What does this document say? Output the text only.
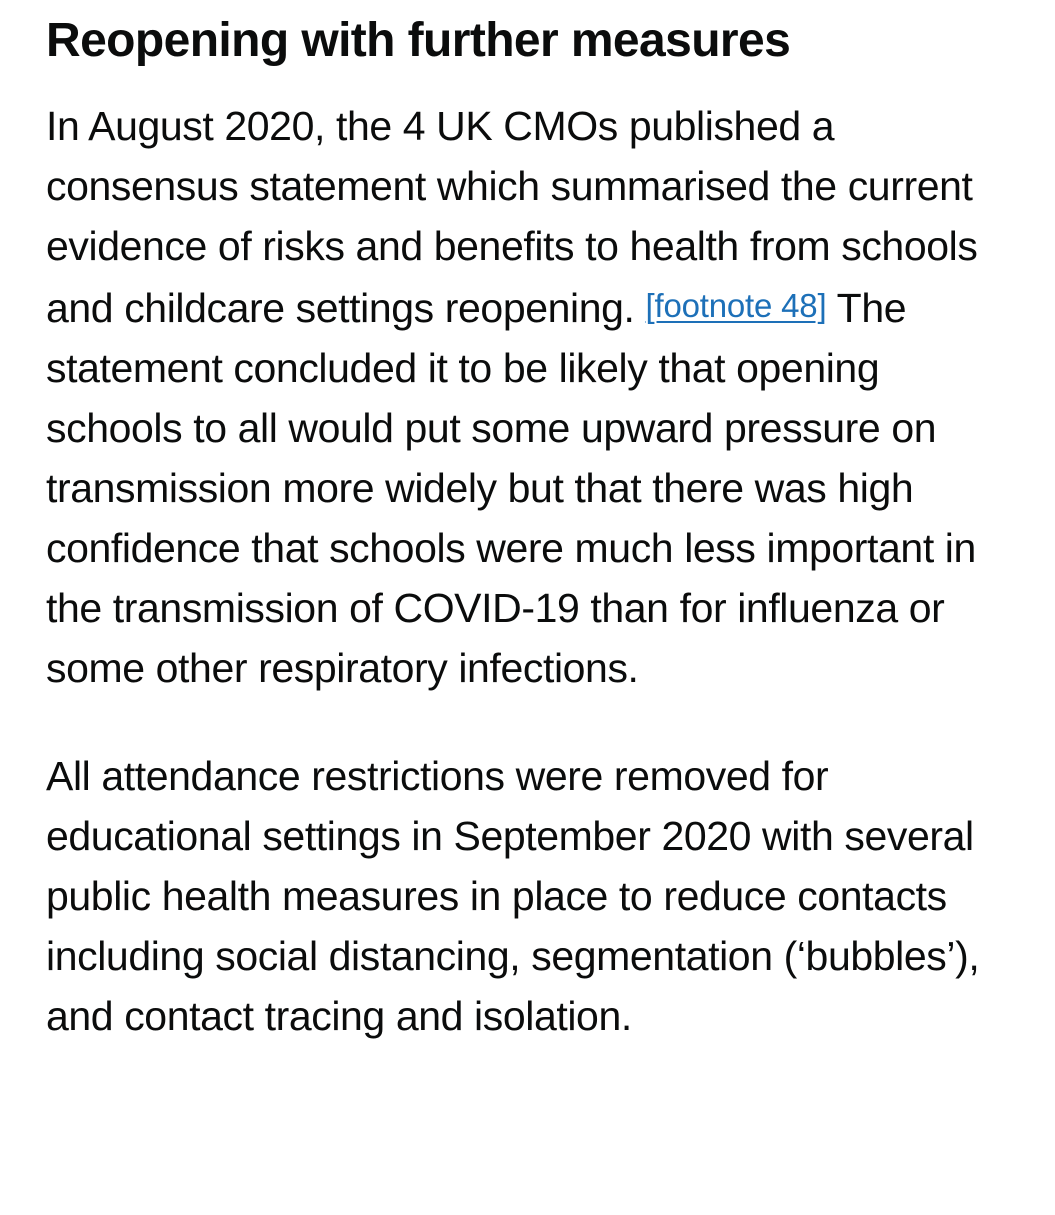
Reopening with further measures

In August 2020, the 4 UK CMOs published a consensus statement which summarised the current evidence of risks and benefits to health from schools and childcare settings reopening. [footnote 48] The statement concluded it to be likely that opening schools to all would put some upward pressure on transmission more widely but that there was high confidence that schools were much less important in the transmission of COVID-19 than for influenza or some other respiratory infections.

All attendance restrictions were removed for educational settings in September 2020 with several public health measures in place to reduce contacts including social distancing, segmentation (‘bubbles’), and contact tracing and isolation.
